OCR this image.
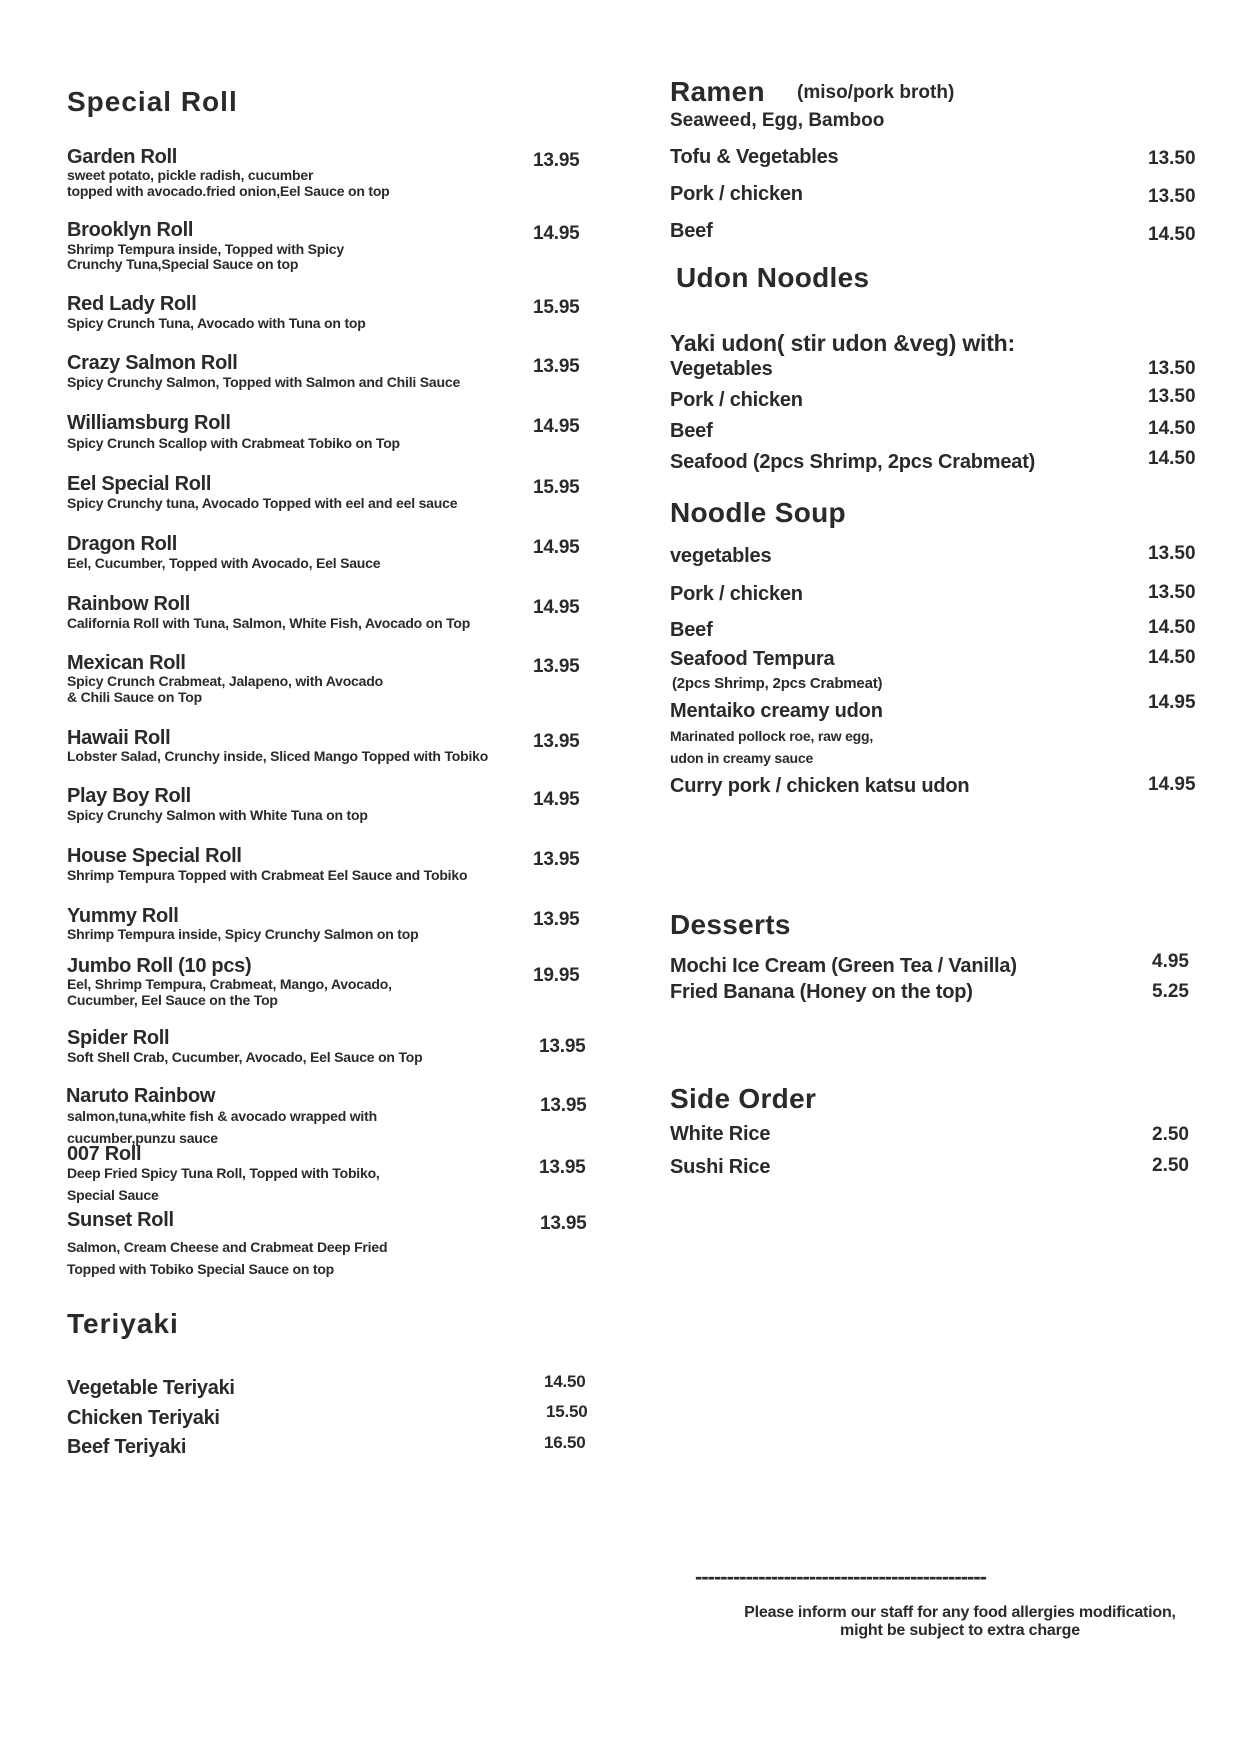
Special Roll
Garden Roll
sweet potato, pickle radish, cucumber
topped with avocado.fried onion,Eel Sauce on top
13.95
Brooklyn Roll
Shrimp Tempura inside, Topped with Spicy
Crunchy Tuna,Special Sauce on top
14.95
Red Lady Roll
Spicy Crunch Tuna, Avocado with Tuna on top
15.95
Crazy Salmon Roll
Spicy Crunchy Salmon, Topped with Salmon and Chili Sauce
13.95
Williamsburg Roll
Spicy Crunch Scallop with Crabmeat Tobiko on Top
14.95
Eel Special Roll
Spicy Crunchy tuna, Avocado Topped with eel and eel sauce
15.95
Dragon Roll
Eel, Cucumber, Topped with Avocado, Eel Sauce
14.95
Rainbow Roll
California Roll with Tuna, Salmon, White Fish, Avocado on Top
14.95
Mexican Roll
Spicy Crunch Crabmeat, Jalapeno, with Avocado
& Chili Sauce on Top
13.95
Hawaii Roll
Lobster Salad, Crunchy inside, Sliced Mango Topped with Tobiko
13.95
Play Boy Roll
Spicy Crunchy Salmon with White Tuna on top
14.95
House Special Roll
Shrimp Tempura Topped with Crabmeat Eel Sauce and Tobiko
13.95
Yummy Roll
Shrimp Tempura inside, Spicy Crunchy Salmon on top
13.95
Jumbo Roll (10 pcs)
Eel, Shrimp Tempura, Crabmeat, Mango, Avocado,
Cucumber, Eel Sauce on the Top
19.95
Spider Roll
Soft Shell Crab, Cucumber, Avocado, Eel Sauce on Top	13.95
Naruto Rainbow
salmon,tuna,white fish & avocado wrapped with
cucumber,punzu sauce
13.95
007 Roll
Deep Fried Spicy Tuna Roll, Topped with Tobiko,
Special Sauce
13.95
Sunset Roll
Salmon, Cream Cheese and Crabmeat Deep Fried
Topped with Tobiko Special Sauce on top
13.95
Teriyaki
Vegetable Teriyaki	14.50
Chicken Teriyaki	15.50
Beef Teriyaki	16.50
Ramen (miso/pork broth)
Seaweed, Egg, Bamboo
Tofu & Vegetables	13.50
Pork / chicken	13.50
Beef	14.50
Udon Noodles
Yaki udon( stir udon &veg) with:
Vegetables	13.50
Pork / chicken	13.50
Beef	14.50
Seafood (2pcs Shrimp, 2pcs Crabmeat)	14.50
Noodle Soup
vegetables	13.50
Pork / chicken	13.50
Beef	14.50
Seafood Tempura
(2pcs Shrimp, 2pcs Crabmeat)
14.50
Mentaiko creamy udon
Marinated pollock roe, raw egg,
udon in creamy sauce
14.95
Curry pork / chicken katsu udon	14.95
Desserts
Mochi Ice Cream (Green Tea / Vanilla)	4.95
Fried Banana (Honey on the top)	5.25
Side Order
White Rice	2.50
Sushi Rice	2.50
----------------------------------------------
Please inform our staff for any food allergies modification,
might be subject to extra charge
